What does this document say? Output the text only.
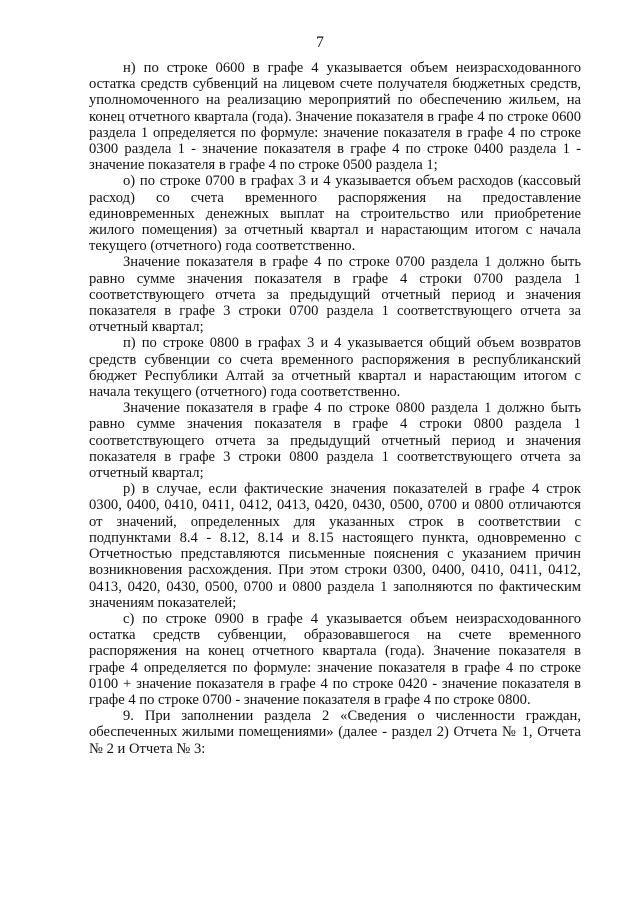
7

н) по строке 0600 в графе 4 указывается объем неизрасходованного остатка средств субвенций на лицевом счете получателя бюджетных средств, уполномоченного на реализацию мероприятий по обеспечению жильем, на конец отчетного квартала (года). Значение показателя в графе 4 по строке 0600 раздела 1 определяется по формуле: значение показателя в графе 4 по строке 0300 раздела 1 - значение показателя в графе 4 по строке 0400 раздела 1 - значение показателя в графе 4 по строке 0500 раздела 1;

о) по строке 0700 в графах 3 и 4 указывается объем расходов (кассовый расход) со счета временного распоряжения на предоставление единовременных денежных выплат на строительство или приобретение жилого помещения) за отчетный квартал и нарастающим итогом с начала текущего (отчетного) года соответственно.

Значение показателя в графе 4 по строке 0700 раздела 1 должно быть равно сумме значения показателя в графе 4 строки 0700 раздела 1 соответствующего отчета за предыдущий отчетный период и значения показателя в графе 3 строки 0700 раздела 1 соответствующего отчета за отчетный квартал;

п) по строке 0800 в графах 3 и 4 указывается общий объем возвратов средств субвенции со счета временного распоряжения в республиканский бюджет Республики Алтай за отчетный квартал и нарастающим итогом с начала текущего (отчетного) года соответственно.

Значение показателя в графе 4 по строке 0800 раздела 1 должно быть равно сумме значения показателя в графе 4 строки 0800 раздела 1 соответствующего отчета за предыдущий отчетный период и значения показателя в графе 3 строки 0800 раздела 1 соответствующего отчета за отчетный квартал;

р) в случае, если фактические значения показателей в графе 4 строк 0300, 0400, 0410, 0411, 0412, 0413, 0420, 0430, 0500, 0700 и 0800 отличаются от значений, определенных для указанных строк в соответствии с подпунктами 8.4 - 8.12, 8.14 и 8.15 настоящего пункта, одновременно с Отчетностью представляются письменные пояснения с указанием причин возникновения расхождения. При этом строки 0300, 0400, 0410, 0411, 0412, 0413, 0420, 0430, 0500, 0700 и 0800 раздела 1 заполняются по фактическим значениям показателей;

с) по строке 0900 в графе 4 указывается объем неизрасходованного остатка средств субвенции, образовавшегося на счете временного распоряжения на конец отчетного квартала (года). Значение показателя в графе 4 определяется по формуле: значение показателя в графе 4 по строке 0100 + значение показателя в графе 4 по строке 0420 - значение показателя в графе 4 по строке 0700 - значение показателя в графе 4 по строке 0800.

9. При заполнении раздела 2 «Сведения о численности граждан, обеспеченных жилыми помещениями» (далее - раздел 2) Отчета № 1, Отчета № 2 и Отчета № 3:
